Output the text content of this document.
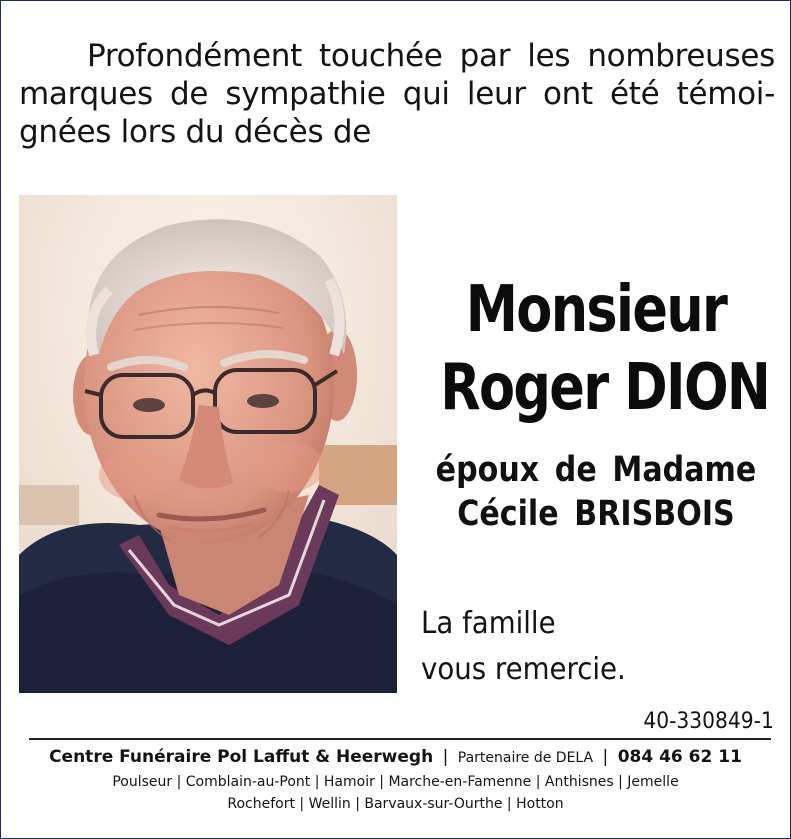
Profondément touchée par les nombreuses marques de sympathie qui leur ont été témoi-gnées lors du décès de

Monsieur
Roger DION
époux de Madame
Cécile BRISBOIS
La famille
vous remercie.
40-330849-1
Centre Funéraire Pol Laffut & Heerwegh | Partenaire de DELA | 084 46 62 11
Poulseur | Comblain-au-Pont | Hamoir | Marche-en-Famenne | Anthisnes | Jemelle
Rochefort | Wellin | Barvaux-sur-Ourthe | Hotton
